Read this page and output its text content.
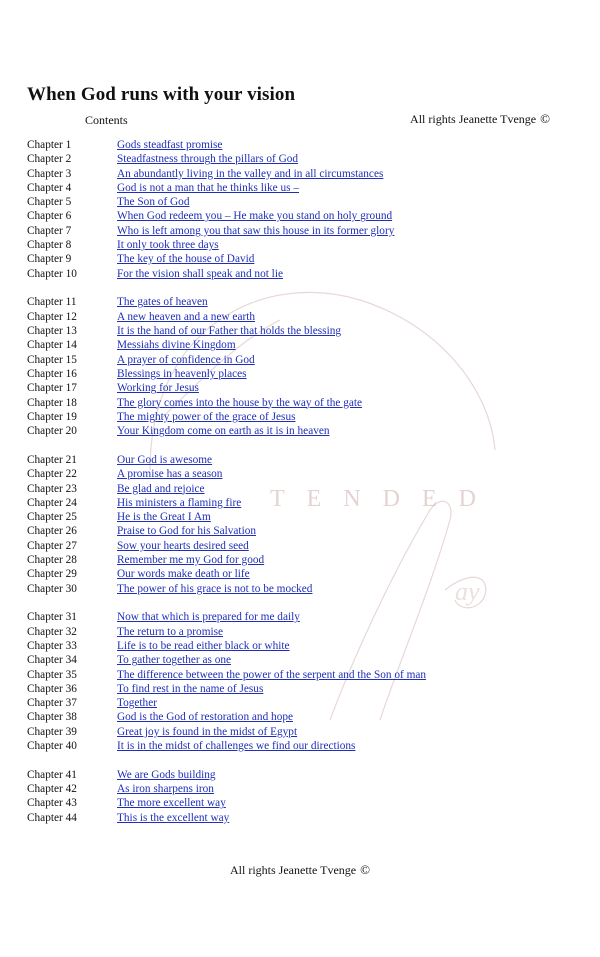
TENDED
ay
When God runs with your vision
Contents	All rights Jeanette Tvenge ©
Chapter 1	Gods steadfast promise
Chapter 2	Steadfastness through the pillars of God
Chapter 3	An abundantly living in the valley and in all circumstances
Chapter 4	God is not a man that he thinks like us –
Chapter 5	The Son of God
Chapter 6	When God redeem you – He make you stand on holy ground
Chapter 7	Who is left among you that saw this house in its former glory
Chapter 8	It only took three days
Chapter 9	The key of the house of David
Chapter 10	For the vision shall speak and not lie
Chapter 11	The gates of heaven
Chapter 12	A new heaven and a new earth
Chapter 13	It is the hand of our Father that holds the blessing
Chapter 14	Messiahs divine Kingdom
Chapter 15	A prayer of confidence in God
Chapter 16	Blessings in heavenly places
Chapter 17	Working for Jesus
Chapter 18	The glory comes into the house by the way of the gate
Chapter 19	The mighty power of the grace of Jesus
Chapter 20	Your Kingdom come on earth as it is in heaven
Chapter 21	Our God is awesome
Chapter 22	A promise has a season
Chapter 23	Be glad and rejoice
Chapter 24	His ministers a flaming fire
Chapter 25	He is the Great I Am
Chapter 26	Praise to God for his Salvation
Chapter 27	Sow your hearts desired seed
Chapter 28	Remember me my God for good
Chapter 29	Our words make death or life
Chapter 30	The power of his grace is not to be mocked
Chapter 31	Now that which is prepared for me daily
Chapter 32	The return to a promise
Chapter 33	Life is to be read either black or white
Chapter 34	To gather together as one
Chapter 35	The difference between the power of the serpent and the Son of man
Chapter 36	To find rest in the name of Jesus
Chapter 37	Together
Chapter 38	God is the God of restoration and hope
Chapter 39	Great joy is found in the midst of Egypt
Chapter 40	It is in the midst of challenges we find our directions
Chapter 41	We are Gods building
Chapter 42	As iron sharpens iron
Chapter 43	The more excellent way
Chapter 44	This is the excellent way
All rights Jeanette Tvenge ©
